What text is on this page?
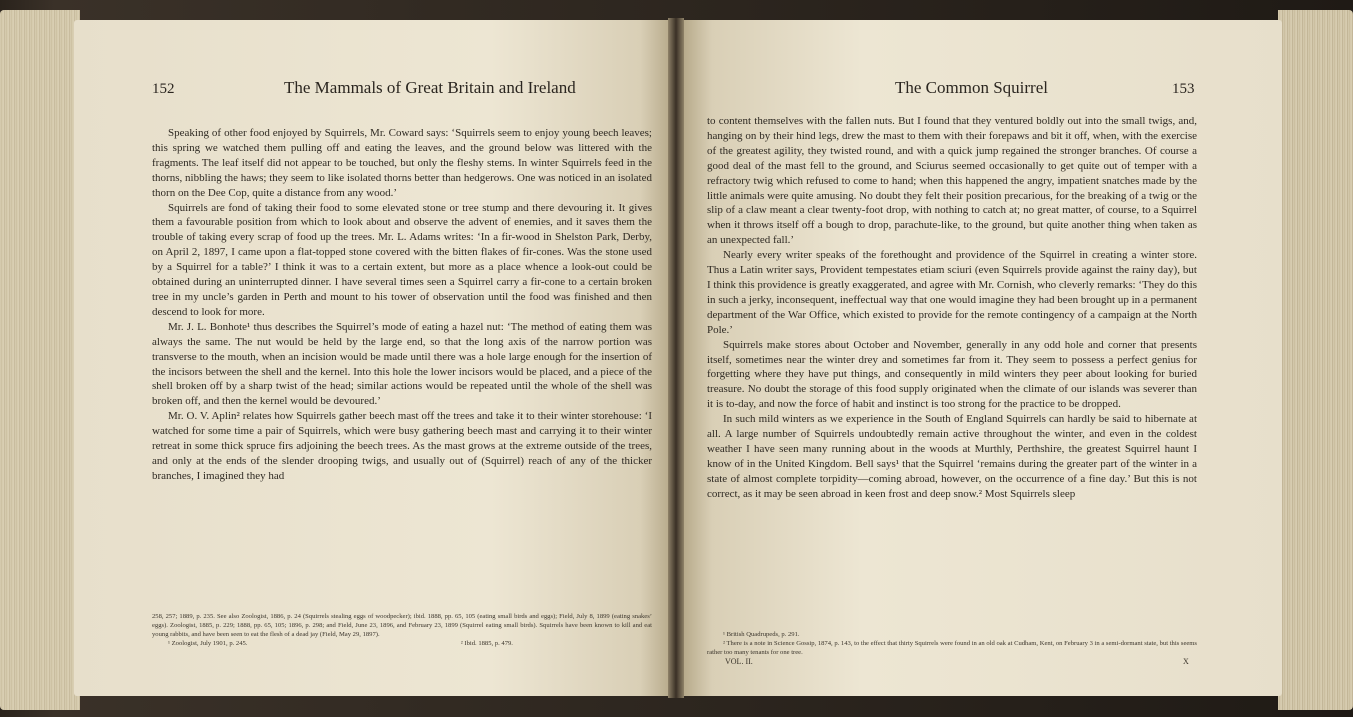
152	The Mammals of Great Britain and Ireland

Speaking of other food enjoyed by Squirrels, Mr. Coward says: ‘Squirrels seem to enjoy young beech leaves; this spring we watched them pulling off and eating the leaves, and the ground below was littered with the fragments. The leaf itself did not appear to be touched, but only the fleshy stems. In winter Squirrels feed in the thorns, nibbling the haws; they seem to like isolated thorns better than hedgerows. One was noticed in an isolated thorn on the Dee Cop, quite a distance from any wood.’

Squirrels are fond of taking their food to some elevated stone or tree stump and there devouring it. It gives them a favourable position from which to look about and observe the advent of enemies, and it saves them the trouble of taking every scrap of food up the trees. Mr. L. Adams writes: ‘In a fir-wood in Shelston Park, Derby, on April 2, 1897, I came upon a flat-topped stone covered with the bitten flakes of fir-cones. Was the stone used by a Squirrel for a table?’ I think it was to a certain extent, but more as a place whence a look-out could be obtained during an uninterrupted dinner. I have several times seen a Squirrel carry a fir-cone to a certain broken tree in my uncle’s garden in Perth and mount to his tower of observation until the food was finished and then descend to look for more.

Mr. J. L. Bonhote¹ thus describes the Squirrel’s mode of eating a hazel nut: ‘The method of eating them was always the same. The nut would be held by the large end, so that the long axis of the narrow portion was transverse to the mouth, when an incision would be made until there was a hole large enough for the insertion of the incisors between the shell and the kernel. Into this hole the lower incisors would be placed, and a piece of the shell broken off by a sharp twist of the head; similar actions would be repeated until the whole of the shell was broken off, and then the kernel would be devoured.’

Mr. O. V. Aplin² relates how Squirrels gather beech mast off the trees and take it to their winter storehouse: ‘I watched for some time a pair of Squirrels, which were busy gathering beech mast and carrying it to their winter retreat in some thick spruce firs adjoining the beech trees. As the mast grows at the extreme outside of the trees, and only at the ends of the slender drooping twigs, and usually out of (Squirrel) reach of any of the thicker branches, I imagined they had

258, 257; 1889, p. 235. See also Zoologist, 1886, p. 24 (Squirrels stealing eggs of woodpecker); ibid. 1888, pp. 65, 105 (eating small birds and eggs); Field, July 8, 1899 (eating snakes’ eggs). Zoologist, 1885, p. 229; 1888, pp. 65, 105; 1896, p. 298; and Field, June 23, 1896, and February 23, 1899 (Squirrel eating small birds). Squirrels have been known to kill and eat young rabbits, and have been seen to eat the flesh of a dead jay (Field, May 29, 1897).

¹ Zoologist, July 1901, p. 245.	² Ibid. 1885, p. 479.

The Common Squirrel	153

to content themselves with the fallen nuts. But I found that they ventured boldly out into the small twigs, and, hanging on by their hind legs, drew the mast to them with their forepaws and bit it off, when, with the exercise of the greatest agility, they twisted round, and with a quick jump regained the stronger branches. Of course a good deal of the mast fell to the ground, and Sciurus seemed occasionally to get quite out of temper with a refractory twig which refused to come to hand; when this happened the angry, impatient snatches made by the little animals were quite amusing. No doubt they felt their position precarious, for the breaking of a twig or the slip of a claw meant a clear twenty-foot drop, with nothing to catch at; no great matter, of course, to a Squirrel when it throws itself off a bough to drop, parachute-like, to the ground, but quite another thing when taken as an unexpected fall.’

Nearly every writer speaks of the forethought and providence of the Squirrel in creating a winter store. Thus a Latin writer says, Provident tempestates etiam sciuri (even Squirrels provide against the rainy day), but I think this providence is greatly exaggerated, and agree with Mr. Cornish, who cleverly remarks: ‘They do this in such a jerky, inconsequent, ineffectual way that one would imagine they had been brought up in a permanent department of the War Office, which existed to provide for the remote contingency of a campaign at the North Pole.’

Squirrels make stores about October and November, generally in any odd hole and corner that presents itself, sometimes near the winter drey and sometimes far from it. They seem to possess a perfect genius for forgetting where they have put things, and consequently in mild winters they peer about looking for buried treasure. No doubt the storage of this food supply originated when the climate of our islands was severer than it is to-day, and now the force of habit and instinct is too strong for the practice to be dropped.

In such mild winters as we experience in the South of England Squirrels can hardly be said to hibernate at all. A large number of Squirrels undoubtedly remain active throughout the winter, and even in the coldest weather I have seen many running about in the woods at Murthly, Perthshire, the greatest Squirrel haunt I know of in the United Kingdom. Bell says¹ that the Squirrel ‘remains during the greater part of the winter in a state of almost complete torpidity—coming abroad, however, on the occurrence of a fine day.’ But this is not correct, as it may be seen abroad in keen frost and deep snow.² Most Squirrels sleep

¹ British Quadrupeds, p. 291.

² There is a note in Science Gossip, 1874, p. 143, to the effect that thirty Squirrels were found in an old oak at Cudham, Kent, on February 3 in a semi-dormant state, but this seems rather too many tenants for one tree.

VOL. II.	X
